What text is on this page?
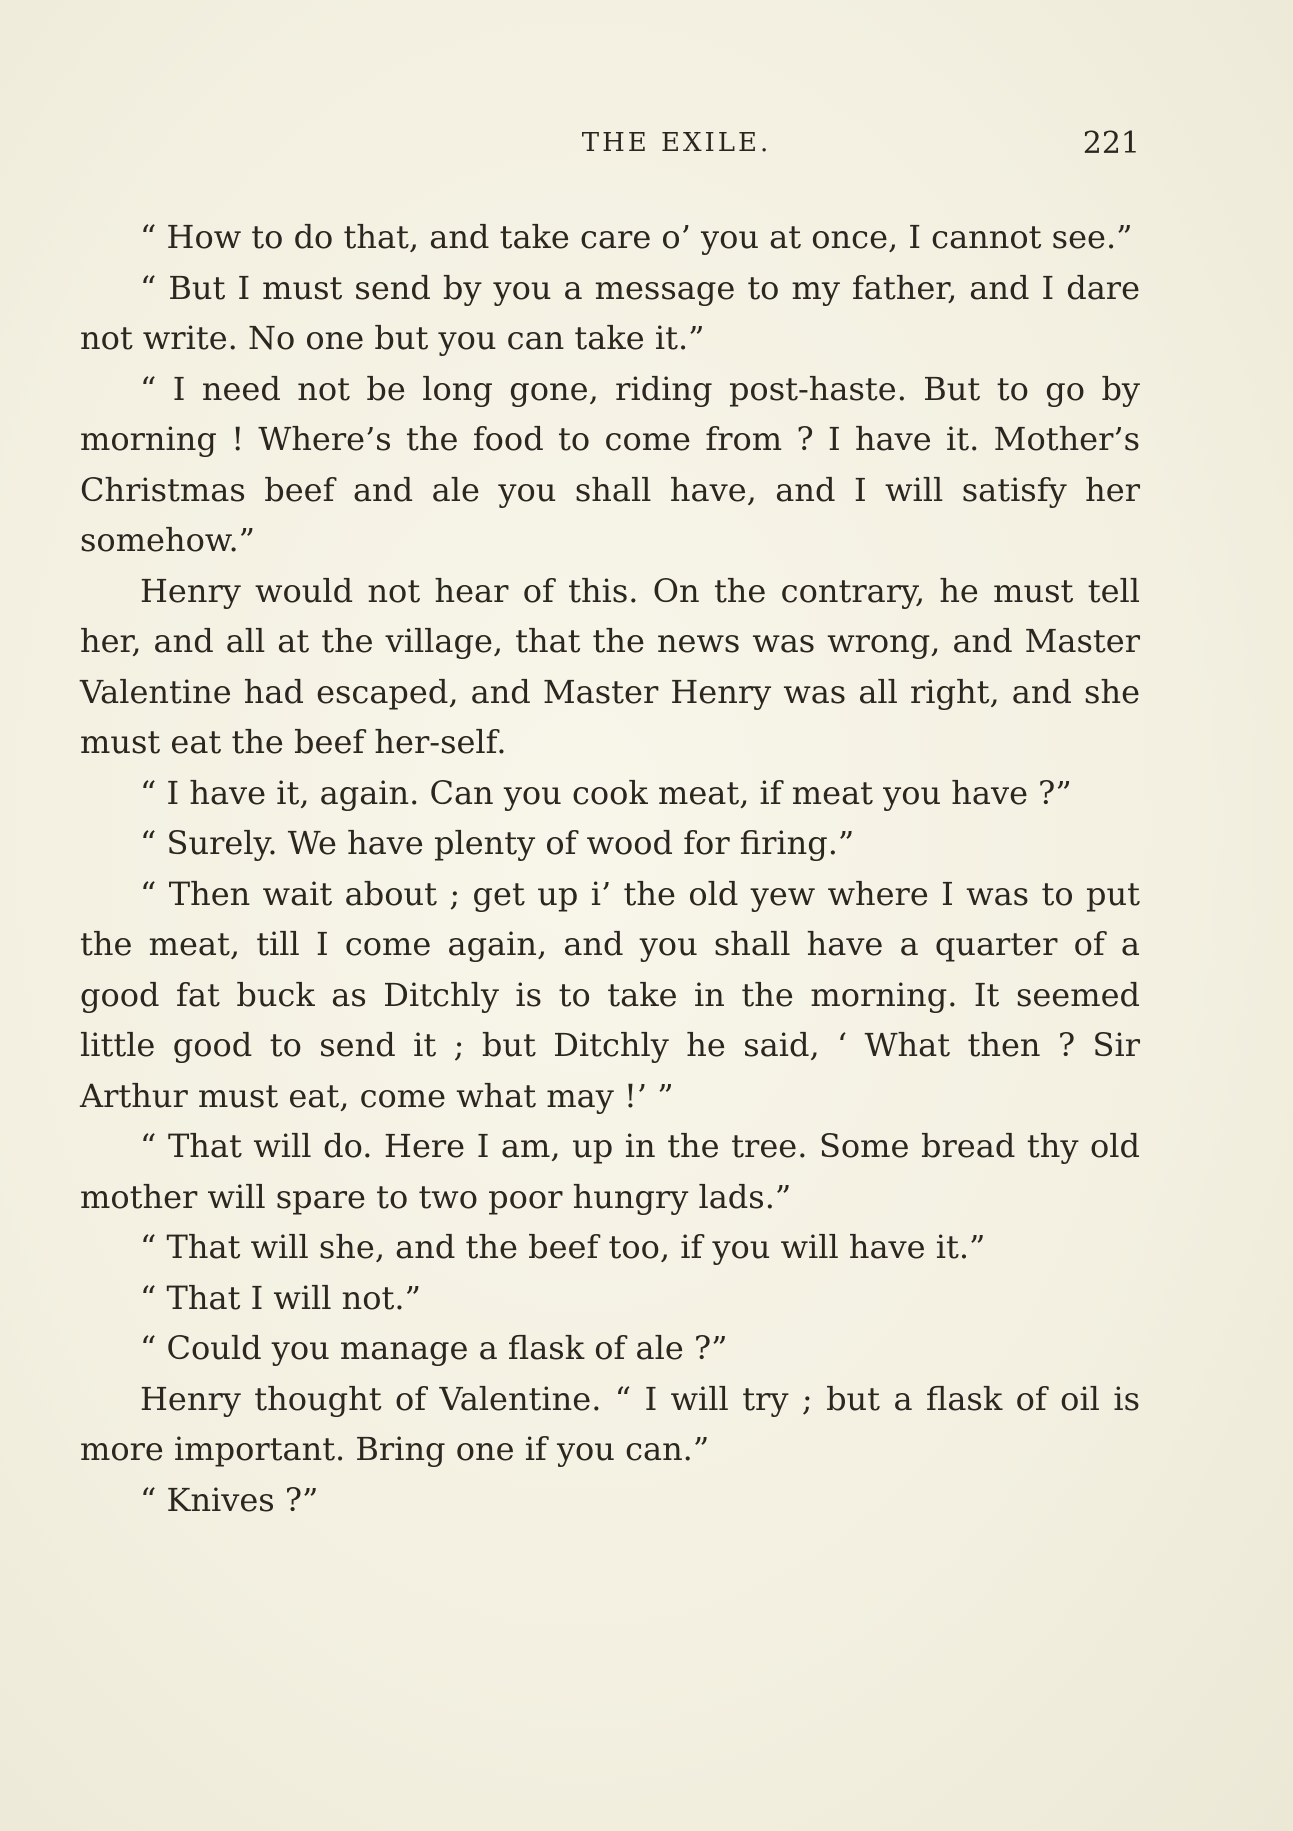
THE EXILE.	221

“ How to do that, and take care o’ you at once, I cannot see.”

“ But I must send by you a message to my father, and I dare not write. No one but you can take it.”

“ I need not be long gone, riding post-haste. But to go by morning ! Where’s the food to come from ? I have it. Mother’s Christmas beef and ale you shall have, and I will satisfy her somehow.”

Henry would not hear of this. On the contrary, he must tell her, and all at the village, that the news was wrong, and Master Valentine had escaped, and Master Henry was all right, and she must eat the beef her-self.

“ I have it, again. Can you cook meat, if meat you have ?”

“ Surely. We have plenty of wood for firing.”

“ Then wait about ; get up i’ the old yew where I was to put the meat, till I come again, and you shall have a quarter of a good fat buck as Ditchly is to take in the morning. It seemed little good to send it ; but Ditchly he said, ‘ What then ? Sir Arthur must eat, come what may !’ ”

“ That will do. Here I am, up in the tree. Some bread thy old mother will spare to two poor hungry lads.”

“ That will she, and the beef too, if you will have it.”

“ That I will not.”

“ Could you manage a flask of ale ?”

Henry thought of Valentine. “ I will try ; but a flask of oil is more important. Bring one if you can.”

“ Knives ?”
